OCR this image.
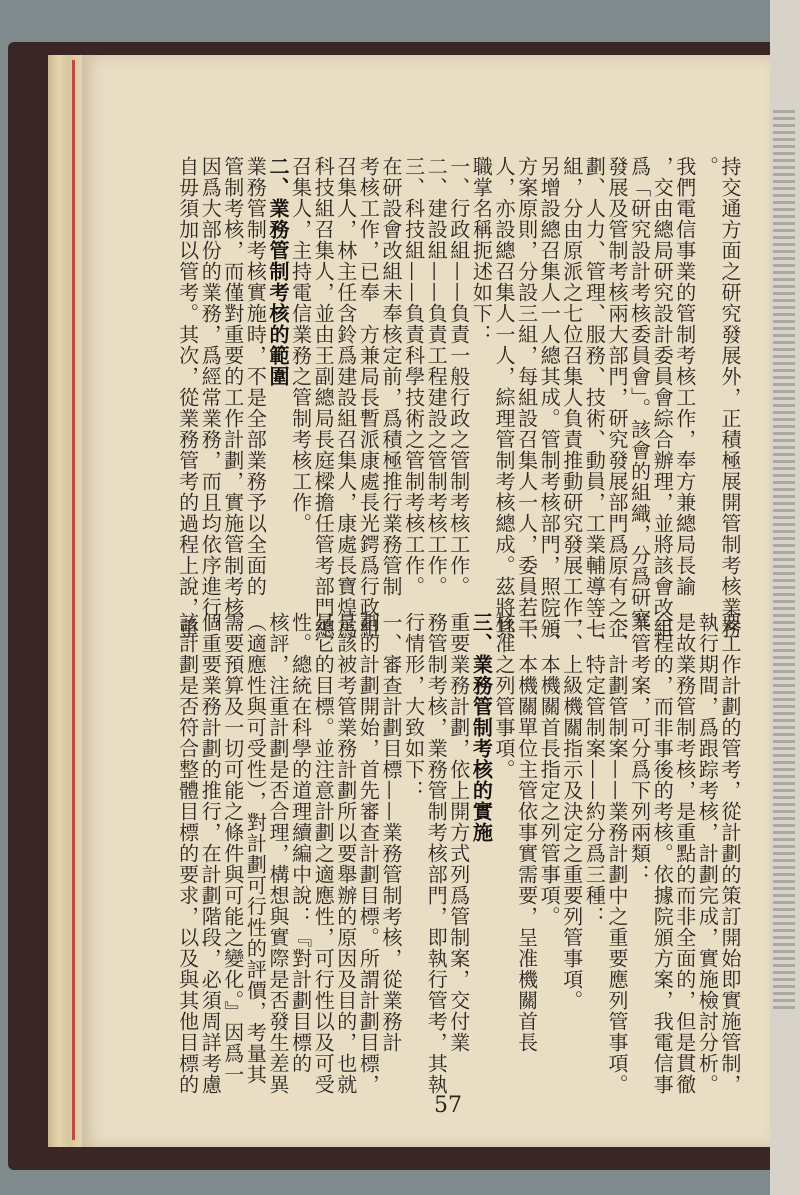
持交通方面之研究發展外，正積極展開管制考核業務
。
我們電信事業的管制考核工作，奉方兼總局長諭
，交由總局研究設計委員會綜合辦理，並將該會改組
爲「研究設計考核委員會」。該會的組織，分爲研究
發展及管制考核兩大部門，研究發展部門爲原有之企
劃、人力、管理、服務、技術、動員，工業輔導等七
組，分由原派之七位召集人負責推動研究發展工作，
另增設總召集人一人總其成。管制考核部門，照院頒
方案原則，分設三組，每組設召集人一人，委員若干
人，亦設總召集人一人，綜理管制考核總成。茲將其
職掌名稱扼述如下：
一、行政組——負責一般行政之管制考核工作。
二、建設組——負責工程建設之管制考核工作。
三、科技組——負責科學技術之管制考核工作。
在研設會改組未奉核定前，爲積極推行業務管制
考核工作，已奉　方兼局長暫派康處長光鍔爲行政組
召集人，林主任含鈴爲建設組召集人，康處長寶煌爲
科技組召集人，並由王副總局長庭樑擔任管考部門總
召集人，主持電信業務之管制考核工作。
二、業務管制考核的範圍
業務管制考核實施時，不是全部業務予以全面的
管制考核，而僅對重要的工作計劃，實施管制考核。
因爲大部份的業務，爲經常業務，而且均依序進行，
自毋須加以管考。其次，從業務管考的過程上說，重
要工作計劃的管考，從計劃的策訂開始即實施管制，
執行期間，爲跟踪考核，計劃完成，實施檢討分析。
是故業務管制考核，是重點的而非全面的，但是貫徹
全程的，而非事後的考核。依據院頒方案，我電信事
業管考案，可分爲下列兩類：
一、計劃管制案——業務計劃中之重要應列管事項。
二、特定管制案——約分爲三種：
一、上級機關指示及決定之重要列管事項。
二、本機關首長指定之列管事項。
三、本機關單位主管依事實需要，呈准機關首長
核准之列管事項。
三、業務管制考核的實施
重要業務計劃，依上開方式列爲管制案，交付業
務管制考核，業務管制考核部門，即執行管考，其執
行情形，大致如下：
一、審查計劃目標——業務管制考核，從業務計
劃的計劃開始，首先審查計劃目標。所謂計劃目標，
是該被考管業務計劃所以要舉辦的原因及目的，也就
是它的目標。並注意計劃之適應性，可行性以及可受
性。總統在科學的道理續編中說：『對計劃目標的
核評，注重計劃是否合理，構想與實際是否發生差異
（適應性與可受性），對計劃可行性的評價，考量其
需要預算及一切可能之條件與可能之變化。』因爲一
個重要業務計劃的推行，在計劃階段，必須周詳考慮
該計劃是否符合整體目標的要求，以及與其他目標的
57
